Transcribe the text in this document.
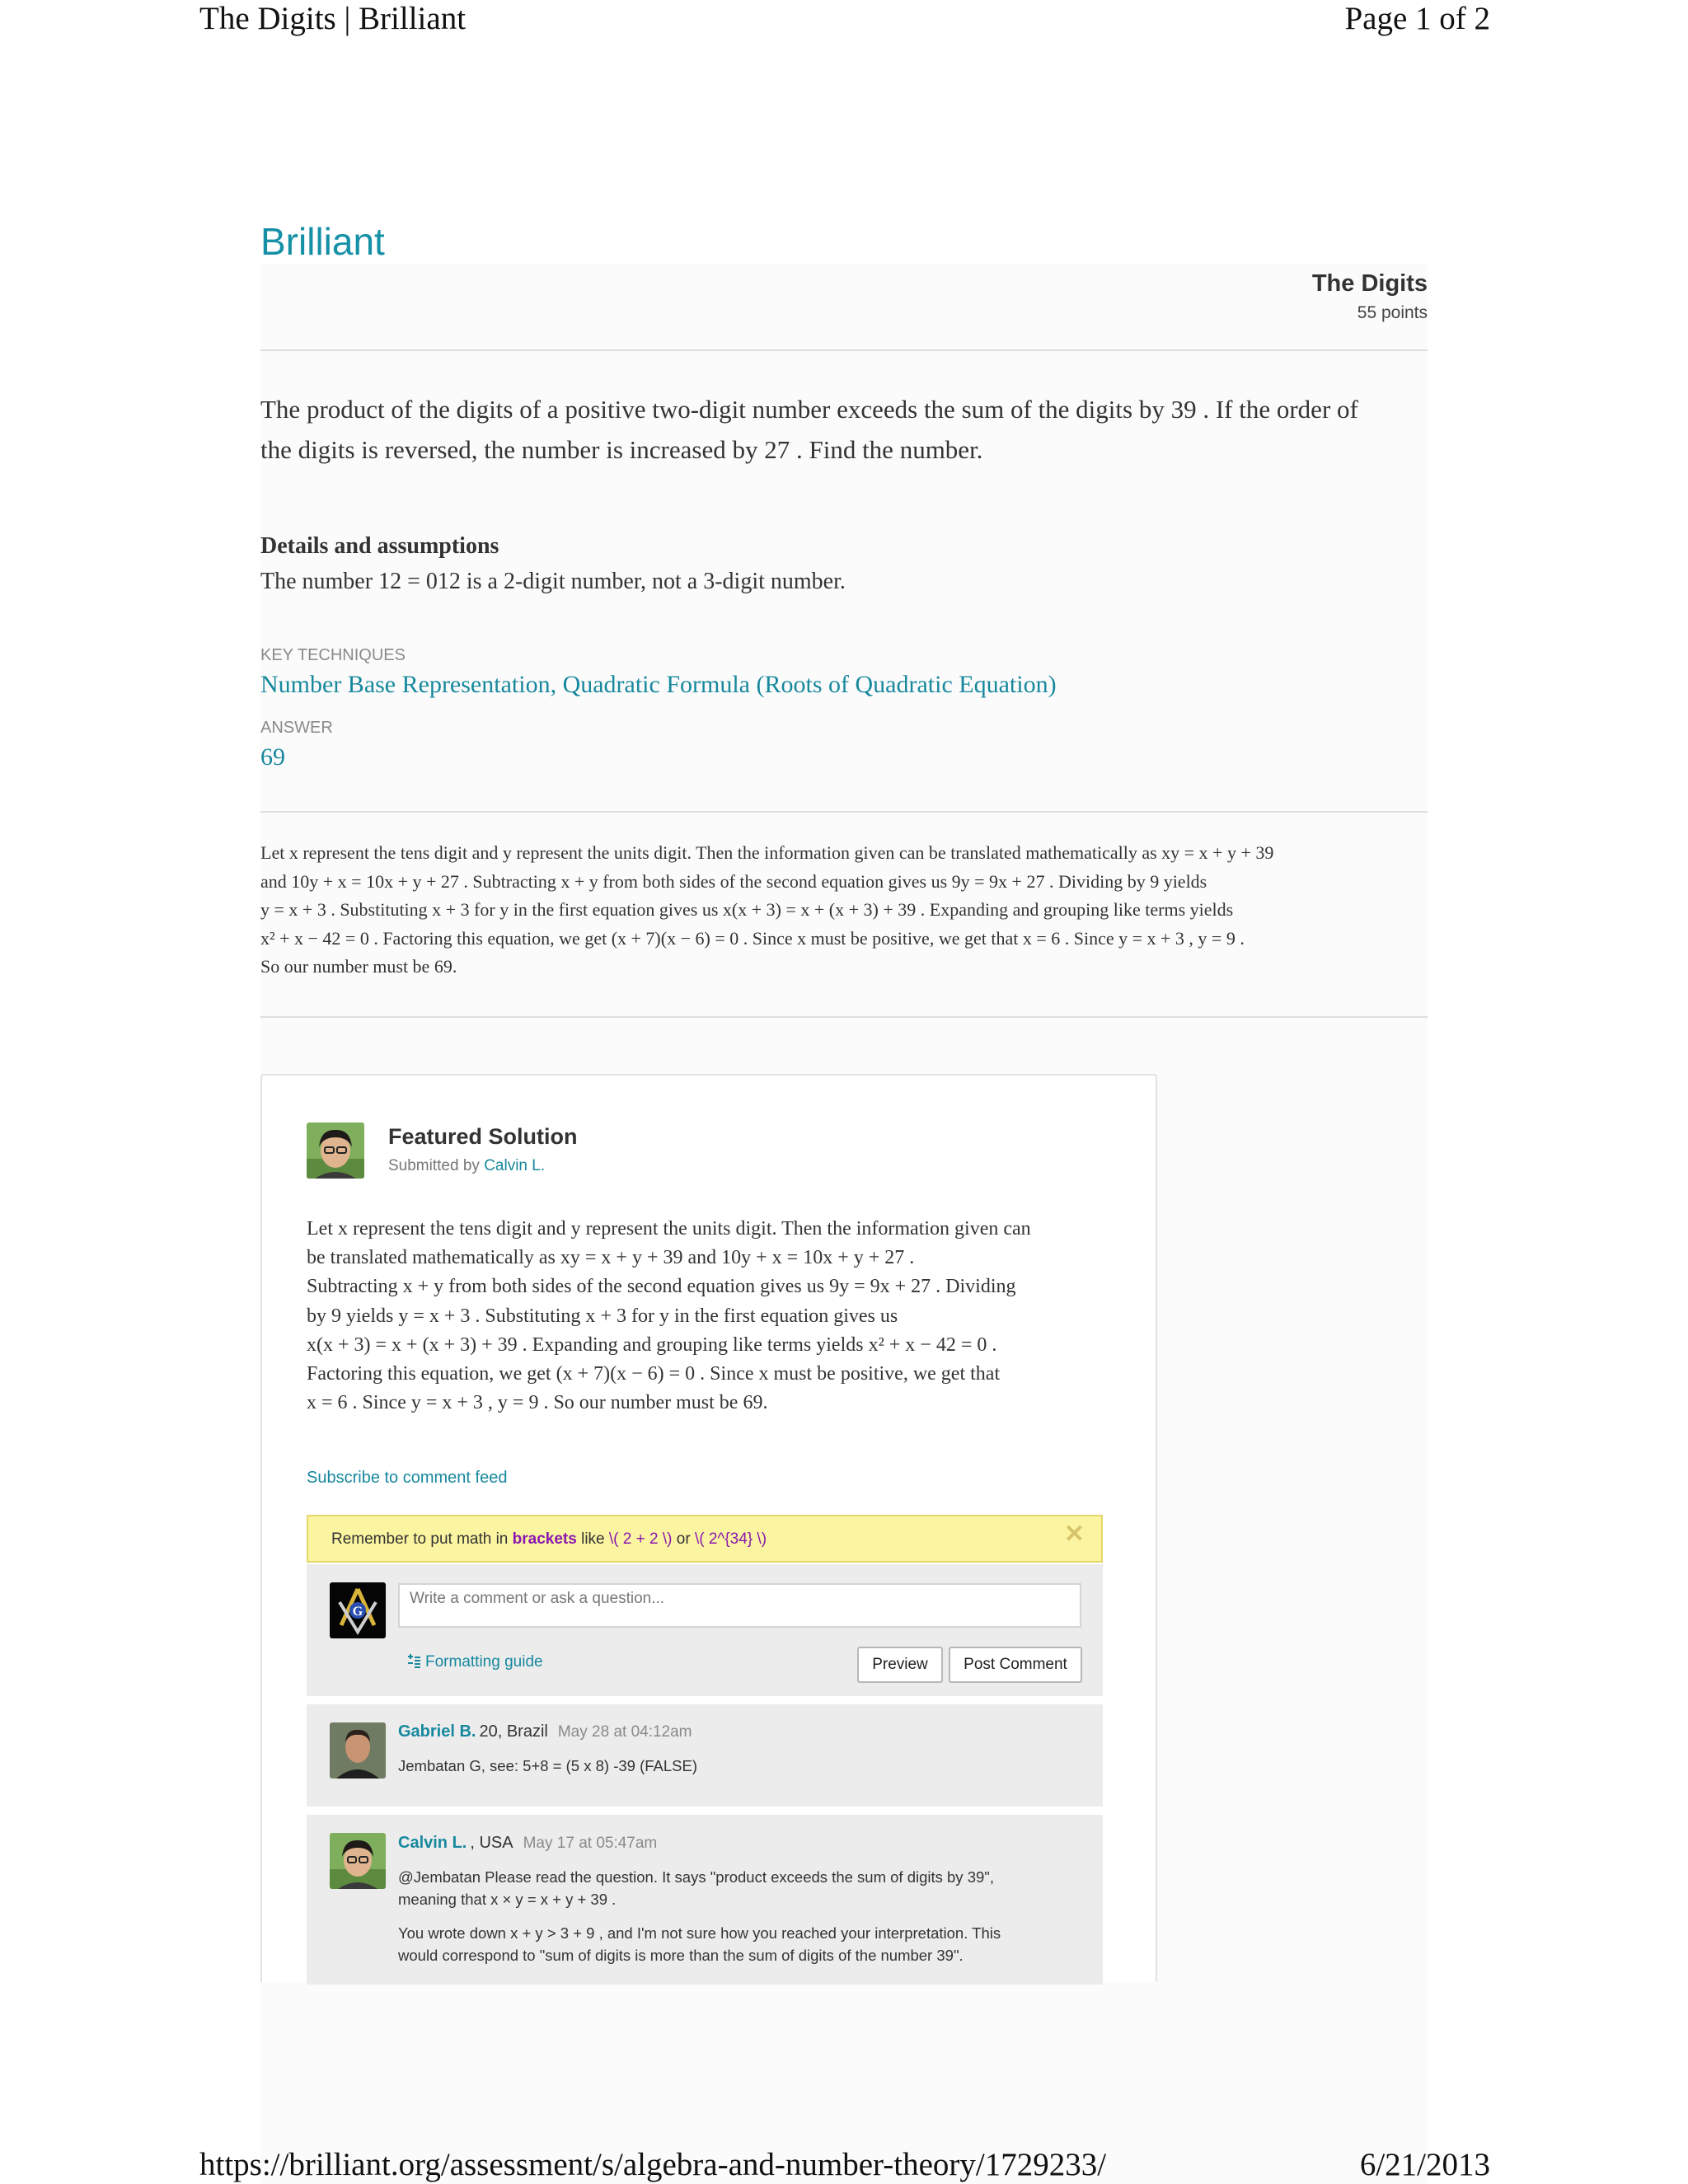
The Digits | Brilliant	Page 1 of 2
Brilliant
The Digits
55 points
The product of the digits of a positive two-digit number exceeds the sum of the digits by 39 . If the order of
the digits is reversed, the number is increased by 27 . Find the number.
Details and assumptions
The number 12 = 012 is a 2-digit number, not a 3-digit number.
KEY TECHNIQUES
Number Base Representation, Quadratic Formula (Roots of Quadratic Equation)
ANSWER
69
Let x represent the tens digit and y represent the units digit. Then the information given can be translated mathematically as xy = x + y + 39
and 10y + x = 10x + y + 27 . Subtracting x + y from both sides of the second equation gives us 9y = 9x + 27 . Dividing by 9 yields
y = x + 3 . Substituting x + 3 for y in the first equation gives us x(x + 3) = x + (x + 3) + 39 . Expanding and grouping like terms yields
x² + x − 42 = 0 . Factoring this equation, we get (x + 7)(x − 6) = 0 . Since x must be positive, we get that x = 6 . Since y = x + 3 , y = 9 .
So our number must be 69.
Featured Solution
Submitted by Calvin L.
Let x represent the tens digit and y represent the units digit. Then the information given can
be translated mathematically as xy = x + y + 39 and 10y + x = 10x + y + 27 .
Subtracting x + y from both sides of the second equation gives us 9y = 9x + 27 . Dividing
by 9 yields y = x + 3 . Substituting x + 3 for y in the first equation gives us
x(x + 3) = x + (x + 3) + 39 . Expanding and grouping like terms yields x² + x − 42 = 0 .
Factoring this equation, we get (x + 7)(x − 6) = 0 . Since x must be positive, we get that
x = 6 . Since y = x + 3 , y = 9 . So our number must be 69.
Subscribe to comment feed
Remember to put math in brackets like \( 2 + 2 \) or \( 2^{34} \)	✕
G
Write a comment or ask a question...
Formatting guide	Preview	Post Comment
Gabriel B. 20, Brazil May 28 at 04:12am
Jembatan G, see: 5+8 = (5 x 8) -39 (FALSE)
Calvin L. , USA May 17 at 05:47am
@Jembatan Please read the question. It says "product exceeds the sum of digits by 39",
meaning that x × y = x + y + 39 .
You wrote down x + y > 3 + 9 , and I'm not sure how you reached your interpretation. This
would correspond to "sum of digits is more than the sum of digits of the number 39".
https://brilliant.org/assessment/s/algebra-and-number-theory/1729233/	6/21/2013
